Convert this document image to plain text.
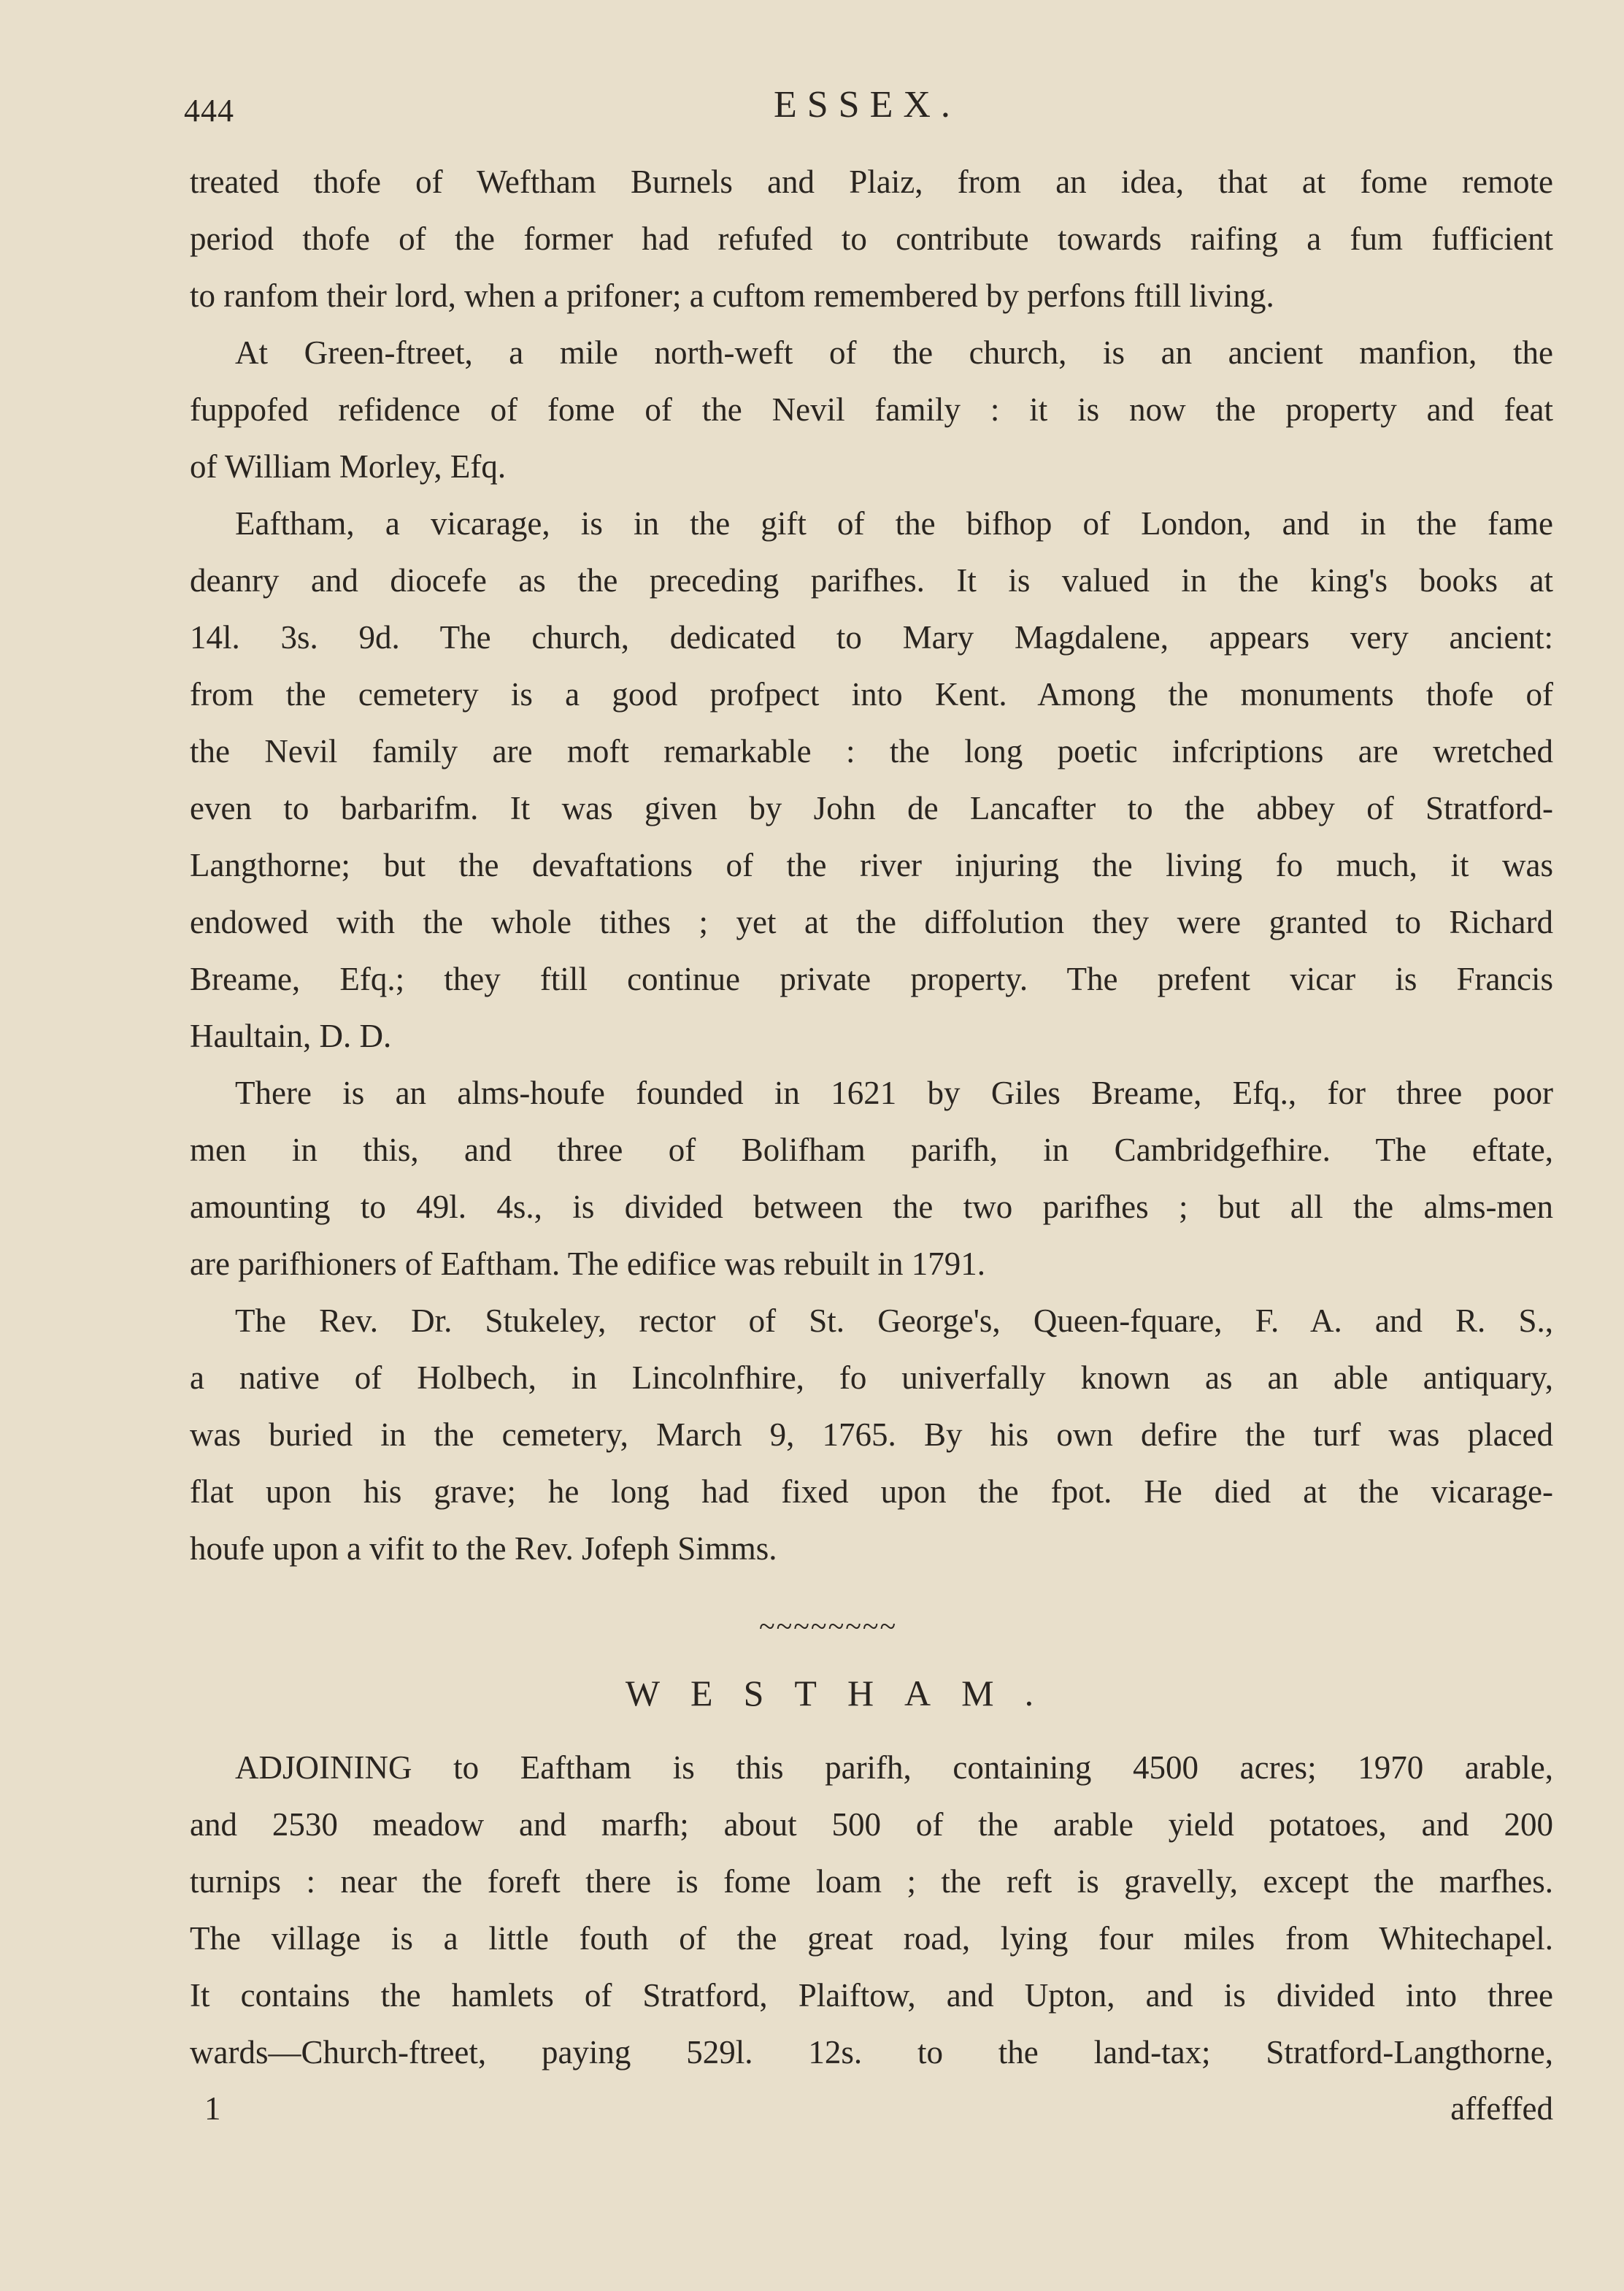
444	ESSEX.
treated thofe of Weftham Burnels and Plaiz, from an idea, that at fome remote
period thofe of the former had refufed to contribute towards raifing a fum fufficient
to ranfom their lord, when a prifoner; a cuftom remembered by perfons ftill living.
At Green-ftreet, a mile north-weft of the church, is an ancient manfion, the
fuppofed refidence of fome of the Nevil family : it is now the property and feat
of William Morley, Efq.
Eaftham, a vicarage, is in the gift of the bifhop of London, and in the fame
deanry and diocefe as the preceding parifhes. It is valued in the king's books at
14l. 3s. 9d. The church, dedicated to Mary Magdalene, appears very ancient:
from the cemetery is a good profpect into Kent. Among the monuments thofe of
the Nevil family are moft remarkable : the long poetic infcriptions are wretched
even to barbarifm. It was given by John de Lancafter to the abbey of Stratford-
Langthorne; but the devaftations of the river injuring the living fo much, it was
endowed with the whole tithes ; yet at the diffolution they were granted to Richard
Breame, Efq.; they ftill continue private property. The prefent vicar is Francis
Haultain, D. D.
There is an alms-houfe founded in 1621 by Giles Breame, Efq., for three poor
men in this, and three of Bolifham parifh, in Cambridgefhire. The eftate,
amounting to 49l. 4s., is divided between the two parifhes ; but all the alms-men
are parifhioners of Eaftham. The edifice was rebuilt in 1791.
The Rev. Dr. Stukeley, rector of St. George's, Queen-fquare, F. A. and R. S.,
a native of Holbech, in Lincolnfhire, fo univerfally known as an able antiquary,
was buried in the cemetery, March 9, 1765. By his own defire the turf was placed
flat upon his grave; he long had fixed upon the fpot. He died at the vicarage-
houfe upon a vifit to the Rev. Jofeph Simms.
~~~~~~~~
WESTHAM.
ADJOINING to Eaftham is this parifh, containing 4500 acres; 1970 arable,
and 2530 meadow and marfh; about 500 of the arable yield potatoes, and 200
turnips : near the foreft there is fome loam ; the reft is gravelly, except the marfhes.
The village is a little fouth of the great road, lying four miles from Whitechapel.
It contains the hamlets of Stratford, Plaiftow, and Upton, and is divided into three
wards—Church-ftreet, paying 529l. 12s. to the land-tax; Stratford-Langthorne,
1	affeffed
